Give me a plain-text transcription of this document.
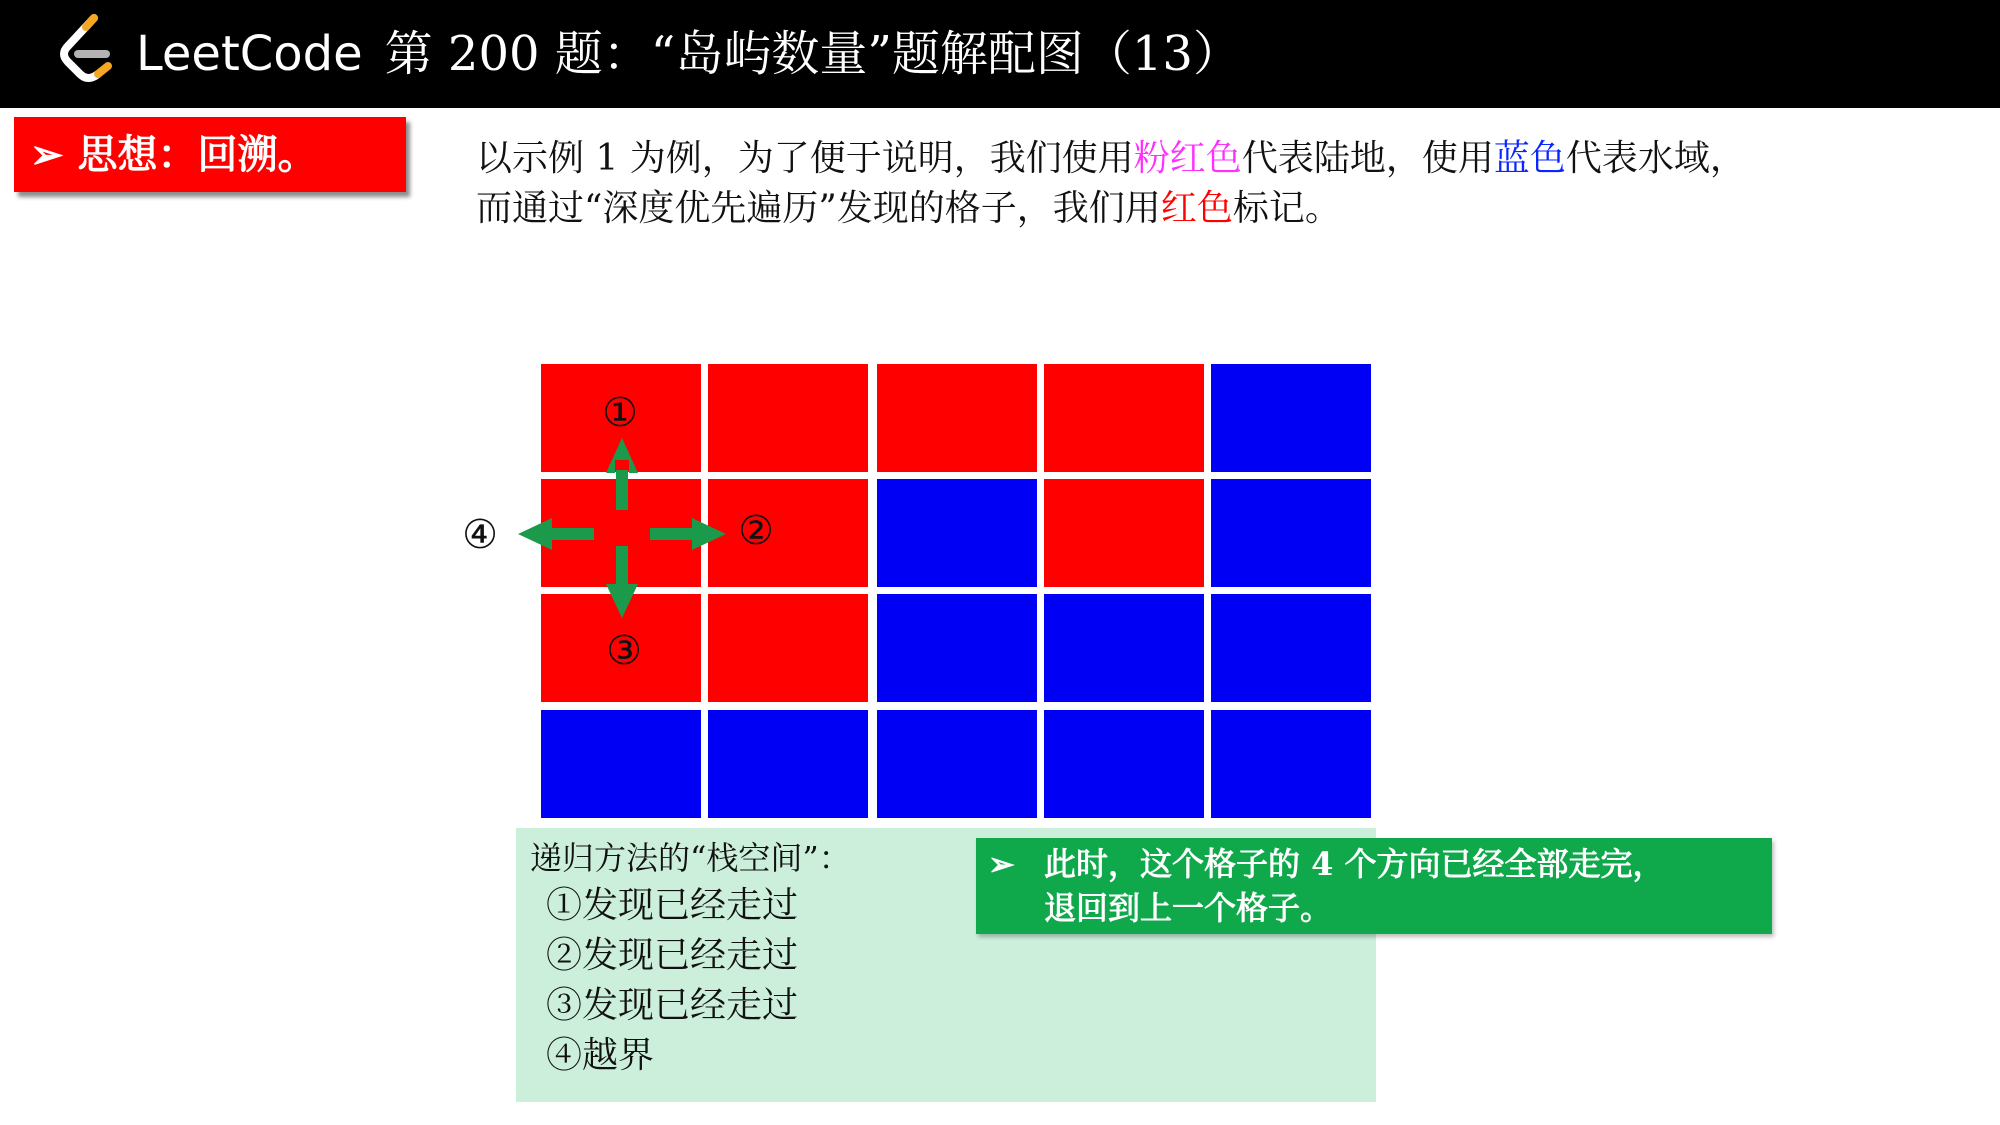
LeetCode 第 200 题：“岛屿数量”题解配图（13）
➢ 思想：回溯。	以示例 1 为例，为了便于说明，我们使用粉红色代表陆地，使用蓝色代表水域，
而通过“深度优先遍历”发现的格子，我们用红色标记。
①
②
③
④
递归方法的“栈空间”：
①发现已经走过
②发现已经走过
③发现已经走过
④越界
➢ 此时，这个格子的 4 个方向已经全部走完，
退回到上一个格子。
